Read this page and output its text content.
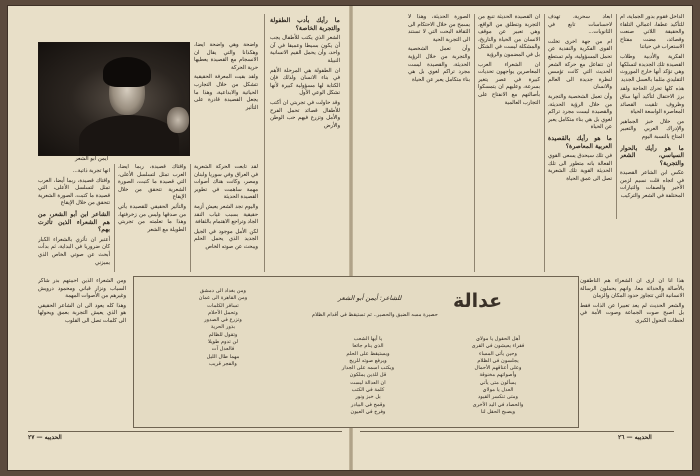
الداخل فقوم بدور الجماية، ام للتأكيد عطفا، اعمالي التلقاء والحقيقة اللاتي صنعت وقصائد، مضت مفتاح الاستعراب في حياتنا

الفكرية والأدبية وطلاب القصيدة تلك الجديدة لتسلكها وهي تؤكد أنها خارج الموروث التقليدي مثلما بالعسل الجديد

هذه كلها تحرك الحاجة ولقد برز الاحتفال لتأكيد أنها ساق وظروف تلقيت القصائد المعاصرة الواسعة الحياة

من خلال خبز الجماهير والإدراك العربي والتعبير المتاح بالنسبة اليوم

ما هو رأيك بالحوار السياسي، الشعر والتجربة؟

عكس ابن الشاعر القصيدة في اتجاه قلت نسيم لزمن الأخير والصفات والتيارات المختلفة في الشعر والتركيب

ابعاد سحرية، تهدف لاحساسات تابع في الثانويات...

ام من جهة اخرى تخلت القوى الفكرية والنقدية عن تحمل المسؤولية، ولم تستطع ان تتفاعل مع حركة الشعر الحديث التي كانت تؤسس لنظرة جديدة الى العالم والانسان

وأن تعمل الشخصية والتجربة من خلال الرؤية الحديثة، والقصيدة ليست مجرد تراكم لغوي بل هي بناء متكامل يعبر عن الحياة

ما هو رأيك بالقصيدة العربية المعاصرة؟

في تلك سيحدق يسعى القوي الفعالة بانه متطور الى تلك الحديثة القوية تلك الشعرية تصل الى عمق الحياة

ان القصيدة الحديثة تنبع من التجربة وتنطلق من الواقع، وهي تعبير عن موقف الانسان من الحياة والتاريخ، والمشكلة ليست في الشكل بل في المضمون والرؤية

ان الشعراء العرب المعاصرين يواجهون تحديات كبيرة في عصر يتغير بسرعة، وعليهم ان يتمسكوا بأصالتهم مع الانفتاح على التجارب العالمية

الصورة الحديثة، وهذا لا يسمح من خلال الاحتكام الى الثقافة البحت التي لا تستند الى التجربة الحية

وأن تعمل الشخصية والتجربة من خلال الرؤية الحديثة، والقصيدة ليست مجرد تراكم لغوي بل هي بناء متكامل يعبر عن الحياة

هذا أنا أن أرى ان الشعراء هم الناطقون بالأصالة والحداثة معا، وانهم يحملون الرسالة الانسانية التي تتجاوز حدود المكان والزمان

والشعر الحديث لم يعد تعبيرا عن الذات فقط بل اصبح صوت الجماعة وصوت الأمة في لحظات التحول الكبرى

أيمن أبو الشعر

واضحة وهي واضحة أيضا، وهكذانا والتي يقال ان الانسجام مع القصيدة يعطيها حرية الحركة

ولقد بقيت المعرفة الحقيقية تتشكل من خلال التجارب الحياتية والابداعية، وهذا ما يجعل القصيدة قادرة على التأثير

ما رأيك بأدب الطفولة والتجربة الخاصة؟

الشعر الذي يكتب للأطفال يجب أن يكون بسيطا وعميقا في آن واحد، وأن يحمل القيم الانسانية النبيلة

ان الطفولة هي المرحلة الأهم في بناء الانسان ولذلك فإن الكتابة لها مسؤولية كبيرة لأنها تشكل الوعي الأول

وقد حاولت في تجربتي ان أكتب للأطفال قصائد تحمل الفرح والأمل وتزرع فيهم حب الوطن والأرض

لقد تابعت الحركة الشعرية في العراق وفي سوريا ولبنان ومصر، وكانت هناك أصوات مهمة ساهمت في تطوير القصيدة الحديثة

واليوم نجد الشعر يعيش أزمة حقيقية بسبب غياب النقد الجاد وتراجع الاهتمام بالثقافة

لكن الأمل موجود في الجيل الجديد الذي يحمل الحلم ويبحث عن صوته الخاص

واقتاك قصيدة، ربما أيضا، العرب تمثل لتسلسل الأعلى، التي قصيدة ما كتبت، الصورة الشعرية تتحقق من خلال الإيقاع

والتأثير الحقيقي للقصيدة يأتي من صدقها وليس من زخرفتها، وهذا ما تعلمته من تجربتي الطويلة مع الشعر

انها تجربة ذاتية...

واقتاك قصيدة، ربما أيضا، العرب تمثل لتسلسل الأعلى، التي قصيدة ما كتبت، الصورة الشعرية تتحقق من خلال الإيقاع

الشاعر ابن أبو الشعر، من هم الشعراء الذين تأثرت بهم؟

أعتبر ان تأثري بالشعراء الكبار كان ضروريا في البداية، ثم بدأت أبحث عن صوتي الخاص الذي يميزني

ومن الشعراء الذين أحببتهم بدر شاكر السياب ونزار قباني ومحمود درويش وغيرهم من الأصوات المهمة

وهذا كله يعود الى ان الشاعر الحقيقي هو الذي يعيش التجربة بعمق ويحولها الى كلمات تصل الى القلوب

عدالة
للشاعر: أيمن أبو الشعر
حصيرة مسه الضيق والحصير.. ثم تستيقظ في أقدام الظلام
أهل الحقول يا مولاي
فقراء يعيشون في القرى
وحين يأتي المساء
يجلسون في الظلام
وعلى أعناقهم الأحمال
وأصواتهم مخنوقة
يسألون متى يأتي
العدل يا مولاي
ومتى تنكسر القيود
والحصاد في اليد الأخرى
ويصبح الحقل لنا
يا أيها الشعب
الذي ينام جائعا
ويستيقظ على الحلم
ويرفع صوته للريح
ويكتب اسمه على الجدار
قل للذين يملكون
ان العدالة ليست
كلمة في الكتب
بل خبز ونور
وقمح في البيادر
وفرح في العيون
ومن بغداد الى دمشق
ومن القاهرة الى عمان
تسافر الكلمات
وتحمل الأحلام
وتزرع في الصدور
بذور الحرية
وتقول للظالم
لن تدوم طويلا
فالعدل آت
مهما طال الليل
والفجر قريب
الحديبه — ٢٧	الحديبه — ٢٦
